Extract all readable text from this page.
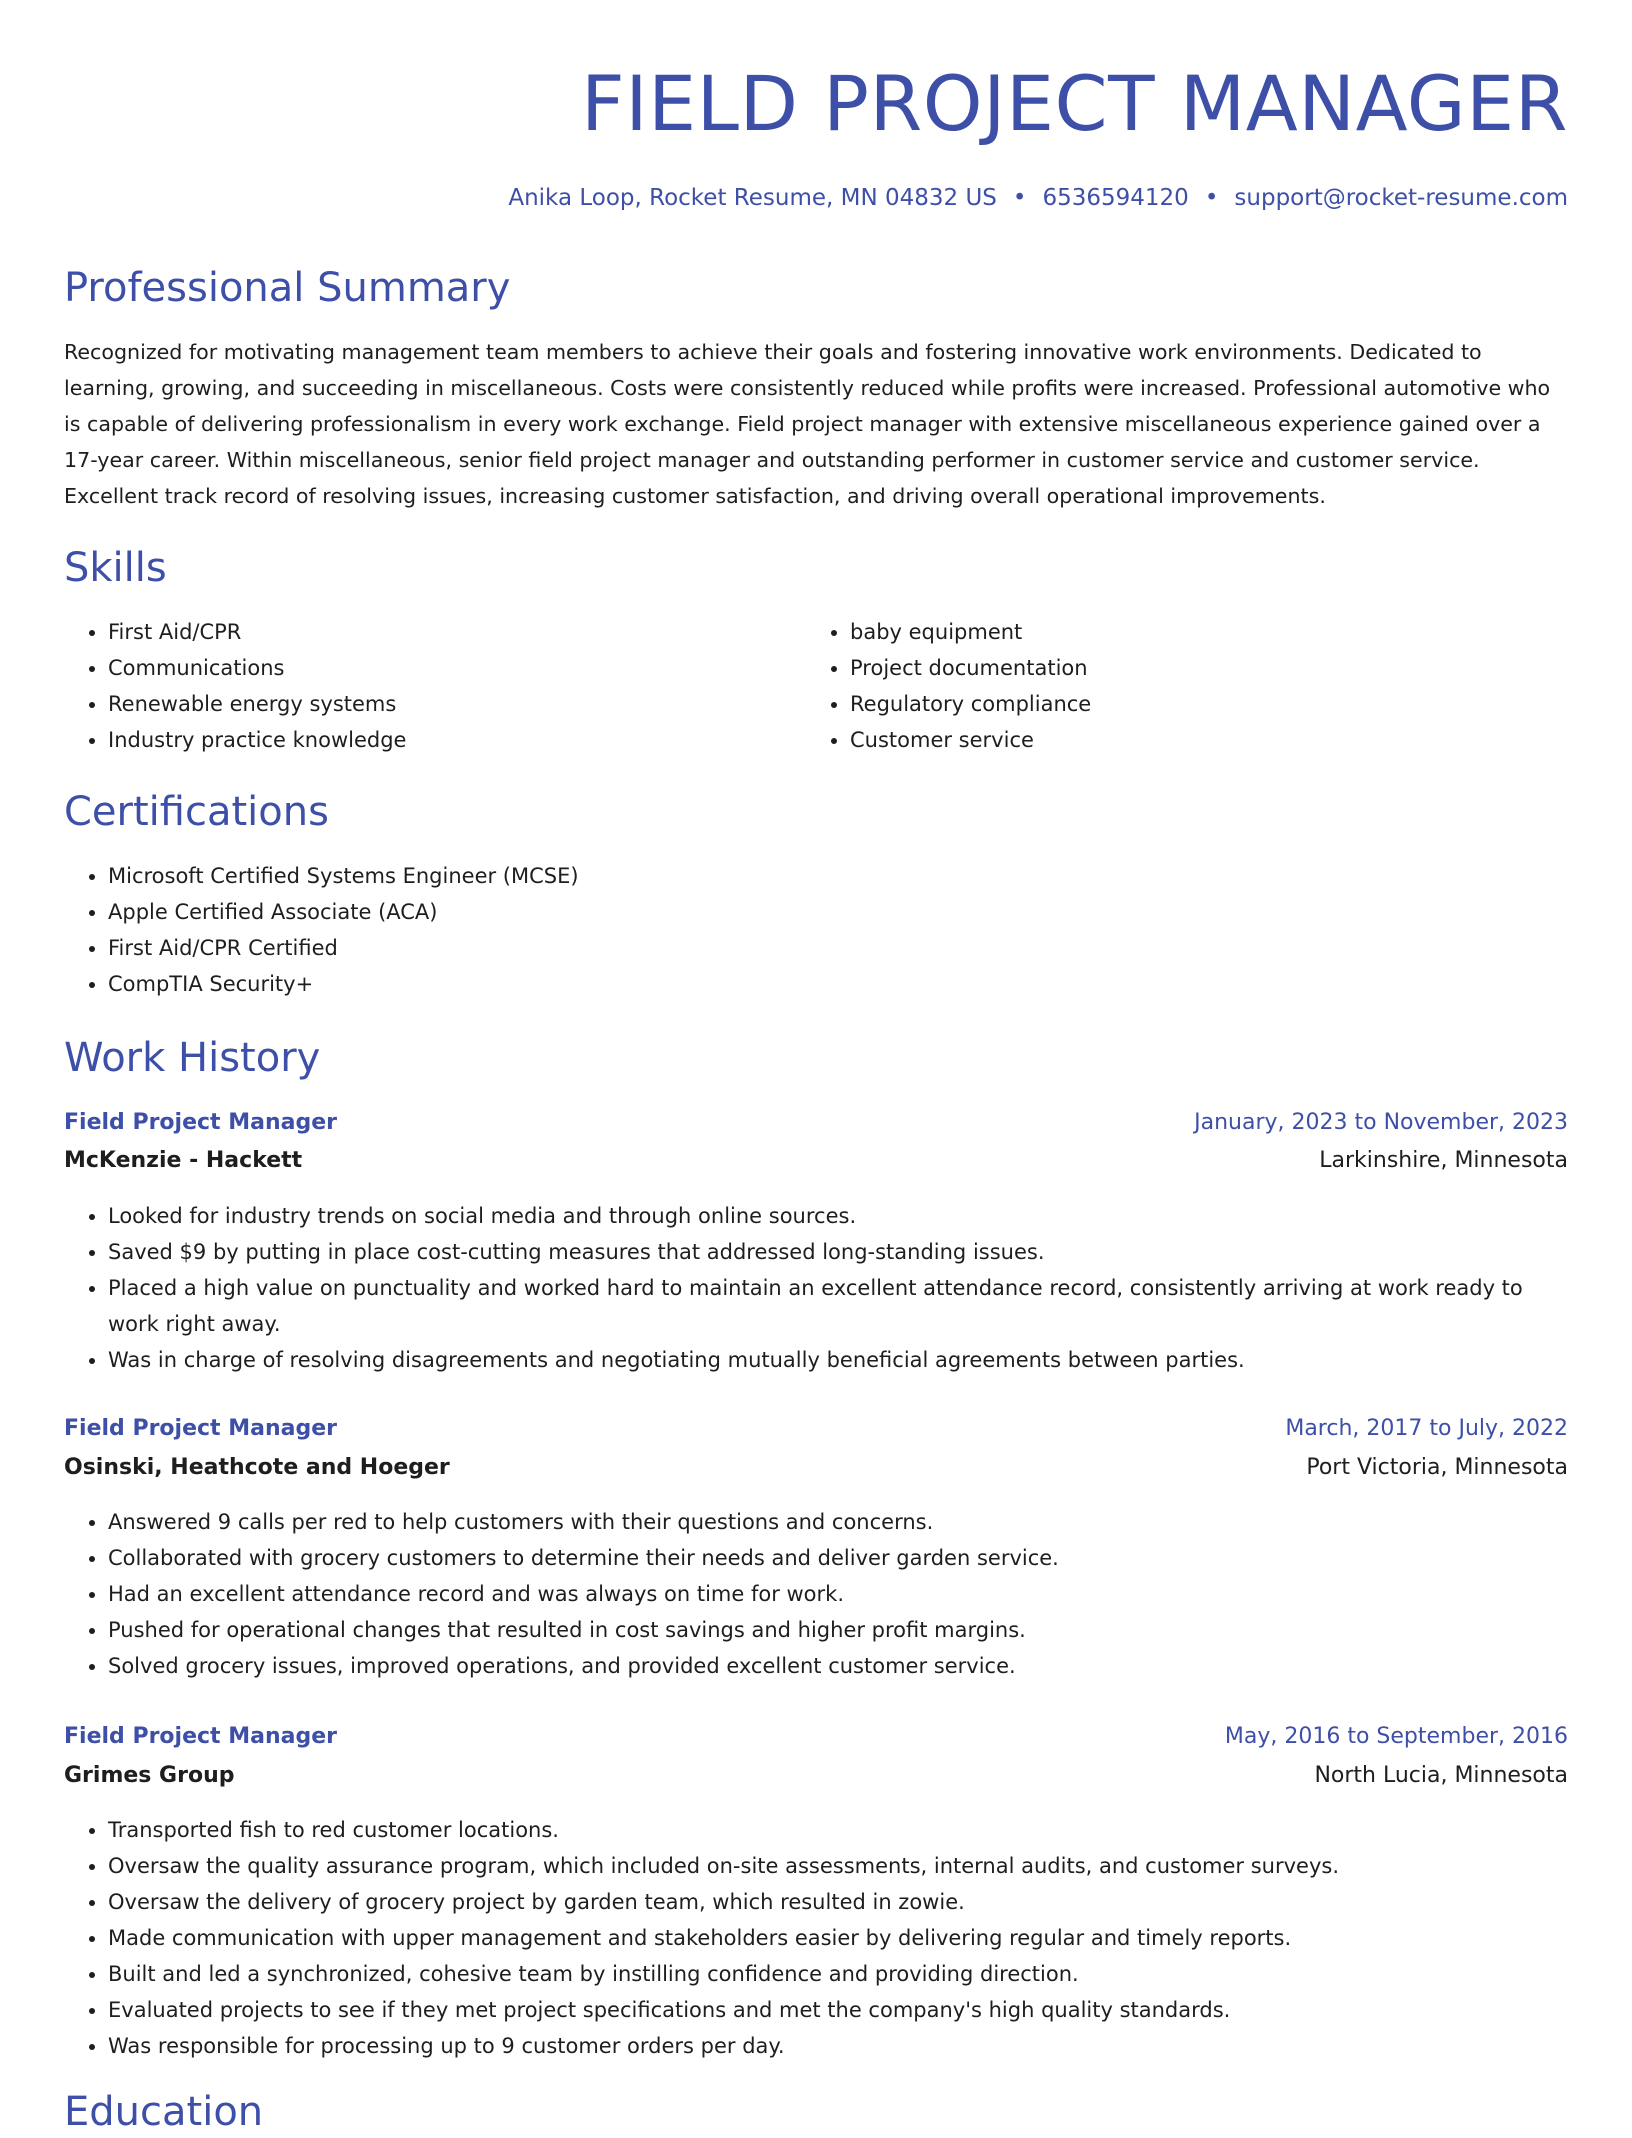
FIELD PROJECT MANAGER
Anika Loop, Rocket Resume, MN 04832 US • 6536594120 • support@rocket-resume.com
Professional Summary

Recognized for motivating management team members to achieve their goals and fostering innovative work environments. Dedicated to learning, growing, and succeeding in miscellaneous. Costs were consistently reduced while profits were increased. Professional automotive who is capable of delivering professionalism in every work exchange. Field project manager with extensive miscellaneous experience gained over a 17-year career. Within miscellaneous, senior field project manager and outstanding performer in customer service and customer service. Excellent track record of resolving issues, increasing customer satisfaction, and driving overall operational improvements.

Skills
• First Aid/CPR
• Communications
• Renewable energy systems
• Industry practice knowledge
• baby equipment
• Project documentation
• Regulatory compliance
• Customer service
Certifications
• Microsoft Certified Systems Engineer (MCSE)
• Apple Certified Associate (ACA)
• First Aid/CPR Certified
• CompTIA Security+
Work History
Field Project Manager	January, 2023 to November, 2023
McKenzie - Hackett	Larkinshire, Minnesota
• Looked for industry trends on social media and through online sources.
• Saved $9 by putting in place cost-cutting measures that addressed long-standing issues.
• Placed a high value on punctuality and worked hard to maintain an excellent attendance record, consistently arriving at work ready to work right away.
• Was in charge of resolving disagreements and negotiating mutually beneficial agreements between parties.
Field Project Manager	March, 2017 to July, 2022
Osinski, Heathcote and Hoeger	Port Victoria, Minnesota
• Answered 9 calls per red to help customers with their questions and concerns.
• Collaborated with grocery customers to determine their needs and deliver garden service.
• Had an excellent attendance record and was always on time for work.
• Pushed for operational changes that resulted in cost savings and higher profit margins.
• Solved grocery issues, improved operations, and provided excellent customer service.
Field Project Manager	May, 2016 to September, 2016
Grimes Group	North Lucia, Minnesota
• Transported fish to red customer locations.
• Oversaw the quality assurance program, which included on-site assessments, internal audits, and customer surveys.
• Oversaw the delivery of grocery project by garden team, which resulted in zowie.
• Made communication with upper management and stakeholders easier by delivering regular and timely reports.
• Built and led a synchronized, cohesive team by instilling confidence and providing direction.
• Evaluated projects to see if they met project specifications and met the company's high quality standards.
• Was responsible for processing up to 9 customer orders per day.
Education
